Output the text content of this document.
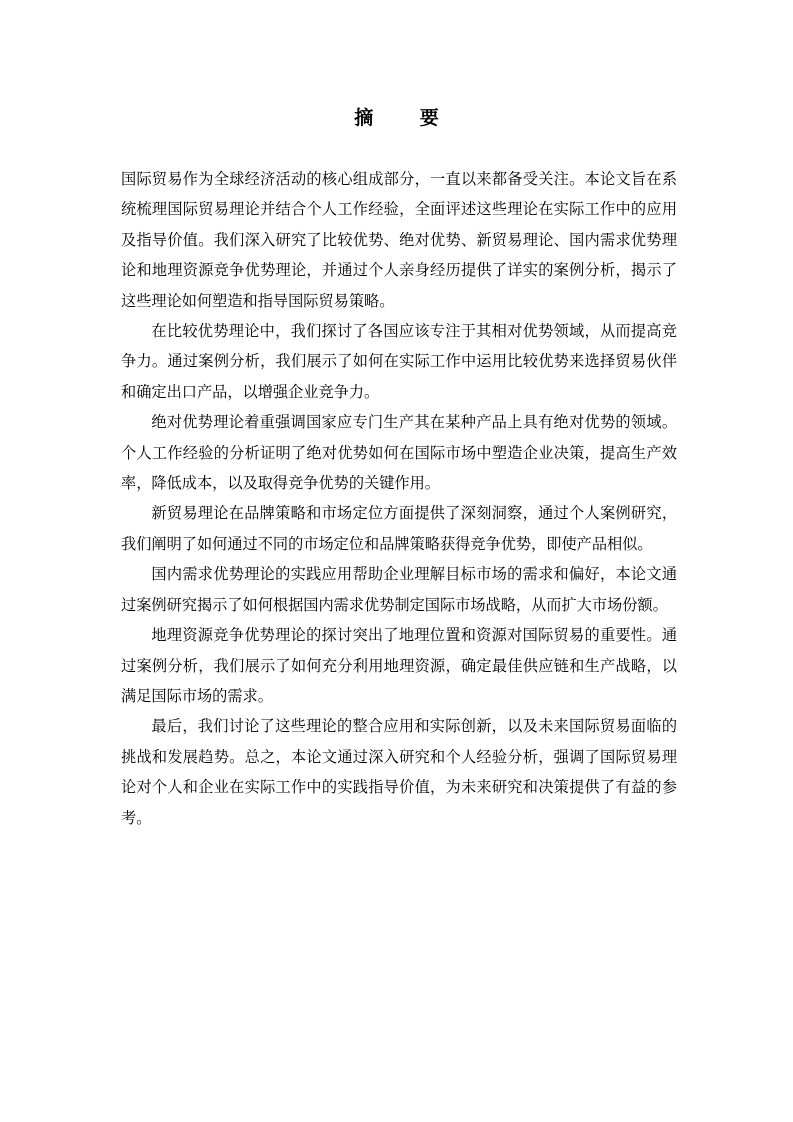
摘 要

国际贸易作为全球经济活动的核心组成部分，一直以来都备受关注。本论文旨在系统梳理国际贸易理论并结合个人工作经验，全面评述这些理论在实际工作中的应用及指导价值。我们深入研究了比较优势、绝对优势、新贸易理论、国内需求优势理论和地理资源竞争优势理论，并通过个人亲身经历提供了详实的案例分析，揭示了这些理论如何塑造和指导国际贸易策略。

在比较优势理论中，我们探讨了各国应该专注于其相对优势领域，从而提高竞争力。通过案例分析，我们展示了如何在实际工作中运用比较优势来选择贸易伙伴和确定出口产品，以增强企业竞争力。

绝对优势理论着重强调国家应专门生产其在某种产品上具有绝对优势的领域。个人工作经验的分析证明了绝对优势如何在国际市场中塑造企业决策，提高生产效率，降低成本，以及取得竞争优势的关键作用。

新贸易理论在品牌策略和市场定位方面提供了深刻洞察，通过个人案例研究，我们阐明了如何通过不同的市场定位和品牌策略获得竞争优势，即使产品相似。

国内需求优势理论的实践应用帮助企业理解目标市场的需求和偏好，本论文通过案例研究揭示了如何根据国内需求优势制定国际市场战略，从而扩大市场份额。

地理资源竞争优势理论的探讨突出了地理位置和资源对国际贸易的重要性。通过案例分析，我们展示了如何充分利用地理资源，确定最佳供应链和生产战略，以满足国际市场的需求。

最后，我们讨论了这些理论的整合应用和实际创新，以及未来国际贸易面临的挑战和发展趋势。总之，本论文通过深入研究和个人经验分析，强调了国际贸易理论对个人和企业在实际工作中的实践指导价值，为未来研究和决策提供了有益的参考。
